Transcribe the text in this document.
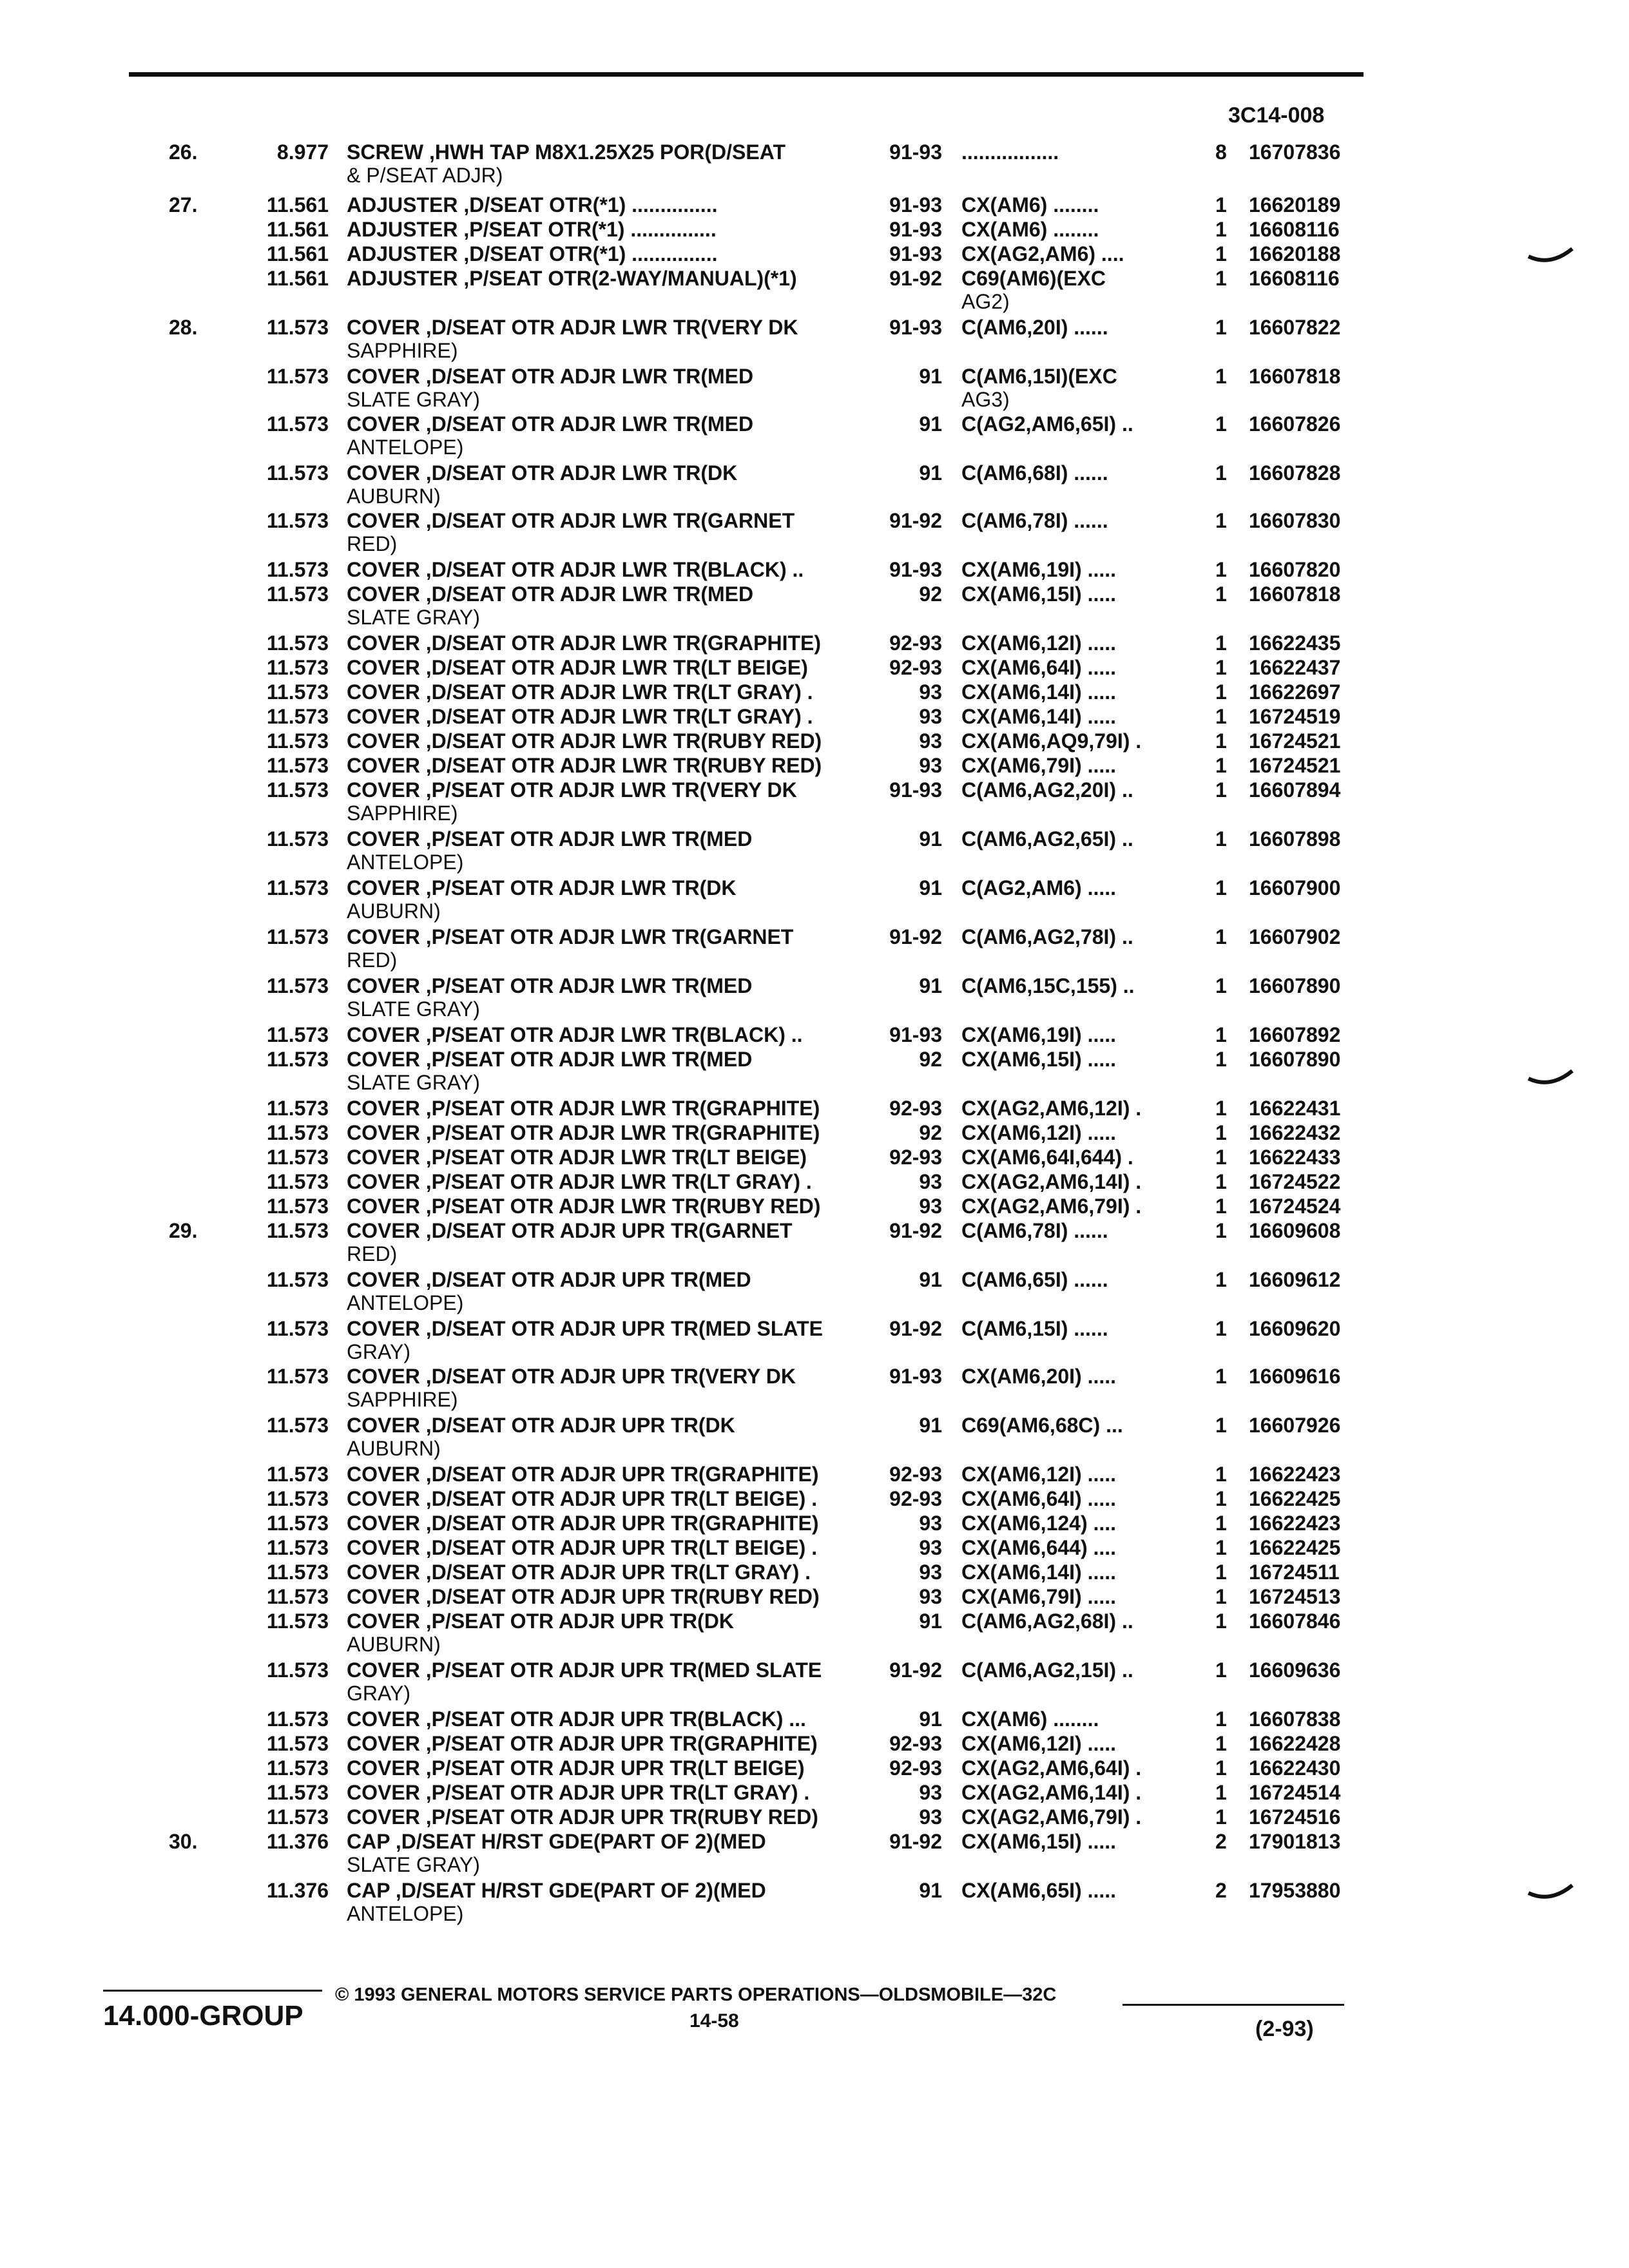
3C14-008
26.	8.977 SCREW ,HWH TAP M8X1.25X25 POR(D/SEAT	91-93 .................	8 16707836
& P/SEAT ADJR)
27.	11.561 ADJUSTER ,D/SEAT OTR(*1) ...............	91-93 CX(AM6) ........	1 16620189
11.561 ADJUSTER ,P/SEAT OTR(*1) ...............	91-93 CX(AM6) ........	1 16608116
11.561 ADJUSTER ,D/SEAT OTR(*1) ...............	91-93 CX(AG2,AM6) ....	1 16620188
11.561 ADJUSTER ,P/SEAT OTR(2-WAY/MANUAL)(*1)	91-92 C69(AM6)(EXC	1 16608116
AG2)
28.	11.573 COVER ,D/SEAT OTR ADJR LWR TR(VERY DK	91-93 C(AM6,20I) ......	1 16607822
SAPPHIRE)
11.573 COVER ,D/SEAT OTR ADJR LWR TR(MED	91 C(AM6,15I)(EXC	1 16607818
SLATE GRAY)	AG3)
11.573 COVER ,D/SEAT OTR ADJR LWR TR(MED	91 C(AG2,AM6,65I) ..	1 16607826
ANTELOPE)
11.573 COVER ,D/SEAT OTR ADJR LWR TR(DK	91 C(AM6,68I) ......	1 16607828
AUBURN)
11.573 COVER ,D/SEAT OTR ADJR LWR TR(GARNET	91-92 C(AM6,78I) ......	1 16607830
RED)
11.573 COVER ,D/SEAT OTR ADJR LWR TR(BLACK) ..	91-93 CX(AM6,19I) .....	1 16607820
11.573 COVER ,D/SEAT OTR ADJR LWR TR(MED	92 CX(AM6,15I) .....	1 16607818
SLATE GRAY)
11.573 COVER ,D/SEAT OTR ADJR LWR TR(GRAPHITE)	92-93 CX(AM6,12I) .....	1 16622435
11.573 COVER ,D/SEAT OTR ADJR LWR TR(LT BEIGE)	92-93 CX(AM6,64I) .....	1 16622437
11.573 COVER ,D/SEAT OTR ADJR LWR TR(LT GRAY) .	93 CX(AM6,14I) .....	1 16622697
11.573 COVER ,D/SEAT OTR ADJR LWR TR(LT GRAY) .	93 CX(AM6,14I) .....	1 16724519
11.573 COVER ,D/SEAT OTR ADJR LWR TR(RUBY RED)	93 CX(AM6,AQ9,79I) .	1 16724521
11.573 COVER ,D/SEAT OTR ADJR LWR TR(RUBY RED)	93 CX(AM6,79I) .....	1 16724521
11.573 COVER ,P/SEAT OTR ADJR LWR TR(VERY DK	91-93 C(AM6,AG2,20I) ..	1 16607894
SAPPHIRE)
11.573 COVER ,P/SEAT OTR ADJR LWR TR(MED	91 C(AM6,AG2,65I) ..	1 16607898
ANTELOPE)
11.573 COVER ,P/SEAT OTR ADJR LWR TR(DK	91 C(AG2,AM6) .....	1 16607900
AUBURN)
11.573 COVER ,P/SEAT OTR ADJR LWR TR(GARNET	91-92 C(AM6,AG2,78I) ..	1 16607902
RED)
11.573 COVER ,P/SEAT OTR ADJR LWR TR(MED	91 C(AM6,15C,155) ..	1 16607890
SLATE GRAY)
11.573 COVER ,P/SEAT OTR ADJR LWR TR(BLACK) ..	91-93 CX(AM6,19I) .....	1 16607892
11.573 COVER ,P/SEAT OTR ADJR LWR TR(MED	92 CX(AM6,15I) .....	1 16607890
SLATE GRAY)
11.573 COVER ,P/SEAT OTR ADJR LWR TR(GRAPHITE)	92-93 CX(AG2,AM6,12I) .	1 16622431
11.573 COVER ,P/SEAT OTR ADJR LWR TR(GRAPHITE)	92 CX(AM6,12I) .....	1 16622432
11.573 COVER ,P/SEAT OTR ADJR LWR TR(LT BEIGE)	92-93 CX(AM6,64I,644) .	1 16622433
11.573 COVER ,P/SEAT OTR ADJR LWR TR(LT GRAY) .	93 CX(AG2,AM6,14I) .	1 16724522
11.573 COVER ,P/SEAT OTR ADJR LWR TR(RUBY RED)	93 CX(AG2,AM6,79I) .	1 16724524
29.	11.573 COVER ,D/SEAT OTR ADJR UPR TR(GARNET	91-92 C(AM6,78I) ......	1 16609608
RED)
11.573 COVER ,D/SEAT OTR ADJR UPR TR(MED	91 C(AM6,65I) ......	1 16609612
ANTELOPE)
11.573 COVER ,D/SEAT OTR ADJR UPR TR(MED SLATE	91-92 C(AM6,15I) ......	1 16609620
GRAY)
11.573 COVER ,D/SEAT OTR ADJR UPR TR(VERY DK	91-93 CX(AM6,20I) .....	1 16609616
SAPPHIRE)
11.573 COVER ,D/SEAT OTR ADJR UPR TR(DK	91 C69(AM6,68C) ...	1 16607926
AUBURN)
11.573 COVER ,D/SEAT OTR ADJR UPR TR(GRAPHITE)	92-93 CX(AM6,12I) .....	1 16622423
11.573 COVER ,D/SEAT OTR ADJR UPR TR(LT BEIGE) .	92-93 CX(AM6,64I) .....	1 16622425
11.573 COVER ,D/SEAT OTR ADJR UPR TR(GRAPHITE)	93 CX(AM6,124) ....	1 16622423
11.573 COVER ,D/SEAT OTR ADJR UPR TR(LT BEIGE) .	93 CX(AM6,644) ....	1 16622425
11.573 COVER ,D/SEAT OTR ADJR UPR TR(LT GRAY) .	93 CX(AM6,14I) .....	1 16724511
11.573 COVER ,D/SEAT OTR ADJR UPR TR(RUBY RED)	93 CX(AM6,79I) .....	1 16724513
11.573 COVER ,P/SEAT OTR ADJR UPR TR(DK	91 C(AM6,AG2,68I) ..	1 16607846
AUBURN)
11.573 COVER ,P/SEAT OTR ADJR UPR TR(MED SLATE	91-92 C(AM6,AG2,15I) ..	1 16609636
GRAY)
11.573 COVER ,P/SEAT OTR ADJR UPR TR(BLACK) ...	91 CX(AM6) ........	1 16607838
11.573 COVER ,P/SEAT OTR ADJR UPR TR(GRAPHITE)	92-93 CX(AM6,12I) .....	1 16622428
11.573 COVER ,P/SEAT OTR ADJR UPR TR(LT BEIGE)	92-93 CX(AG2,AM6,64I) .	1 16622430
11.573 COVER ,P/SEAT OTR ADJR UPR TR(LT GRAY) .	93 CX(AG2,AM6,14I) .	1 16724514
11.573 COVER ,P/SEAT OTR ADJR UPR TR(RUBY RED)	93 CX(AG2,AM6,79I) .	1 16724516
30.	11.376 CAP ,D/SEAT H/RST GDE(PART OF 2)(MED	91-92 CX(AM6,15I) .....	2 17901813
SLATE GRAY)
11.376 CAP ,D/SEAT H/RST GDE(PART OF 2)(MED	91 CX(AM6,65I) .....	2 17953880
ANTELOPE)
14.000-GROUP
© 1993 GENERAL MOTORS SERVICE PARTS OPERATIONS—OLDSMOBILE—32C
14-58	(2-93)
